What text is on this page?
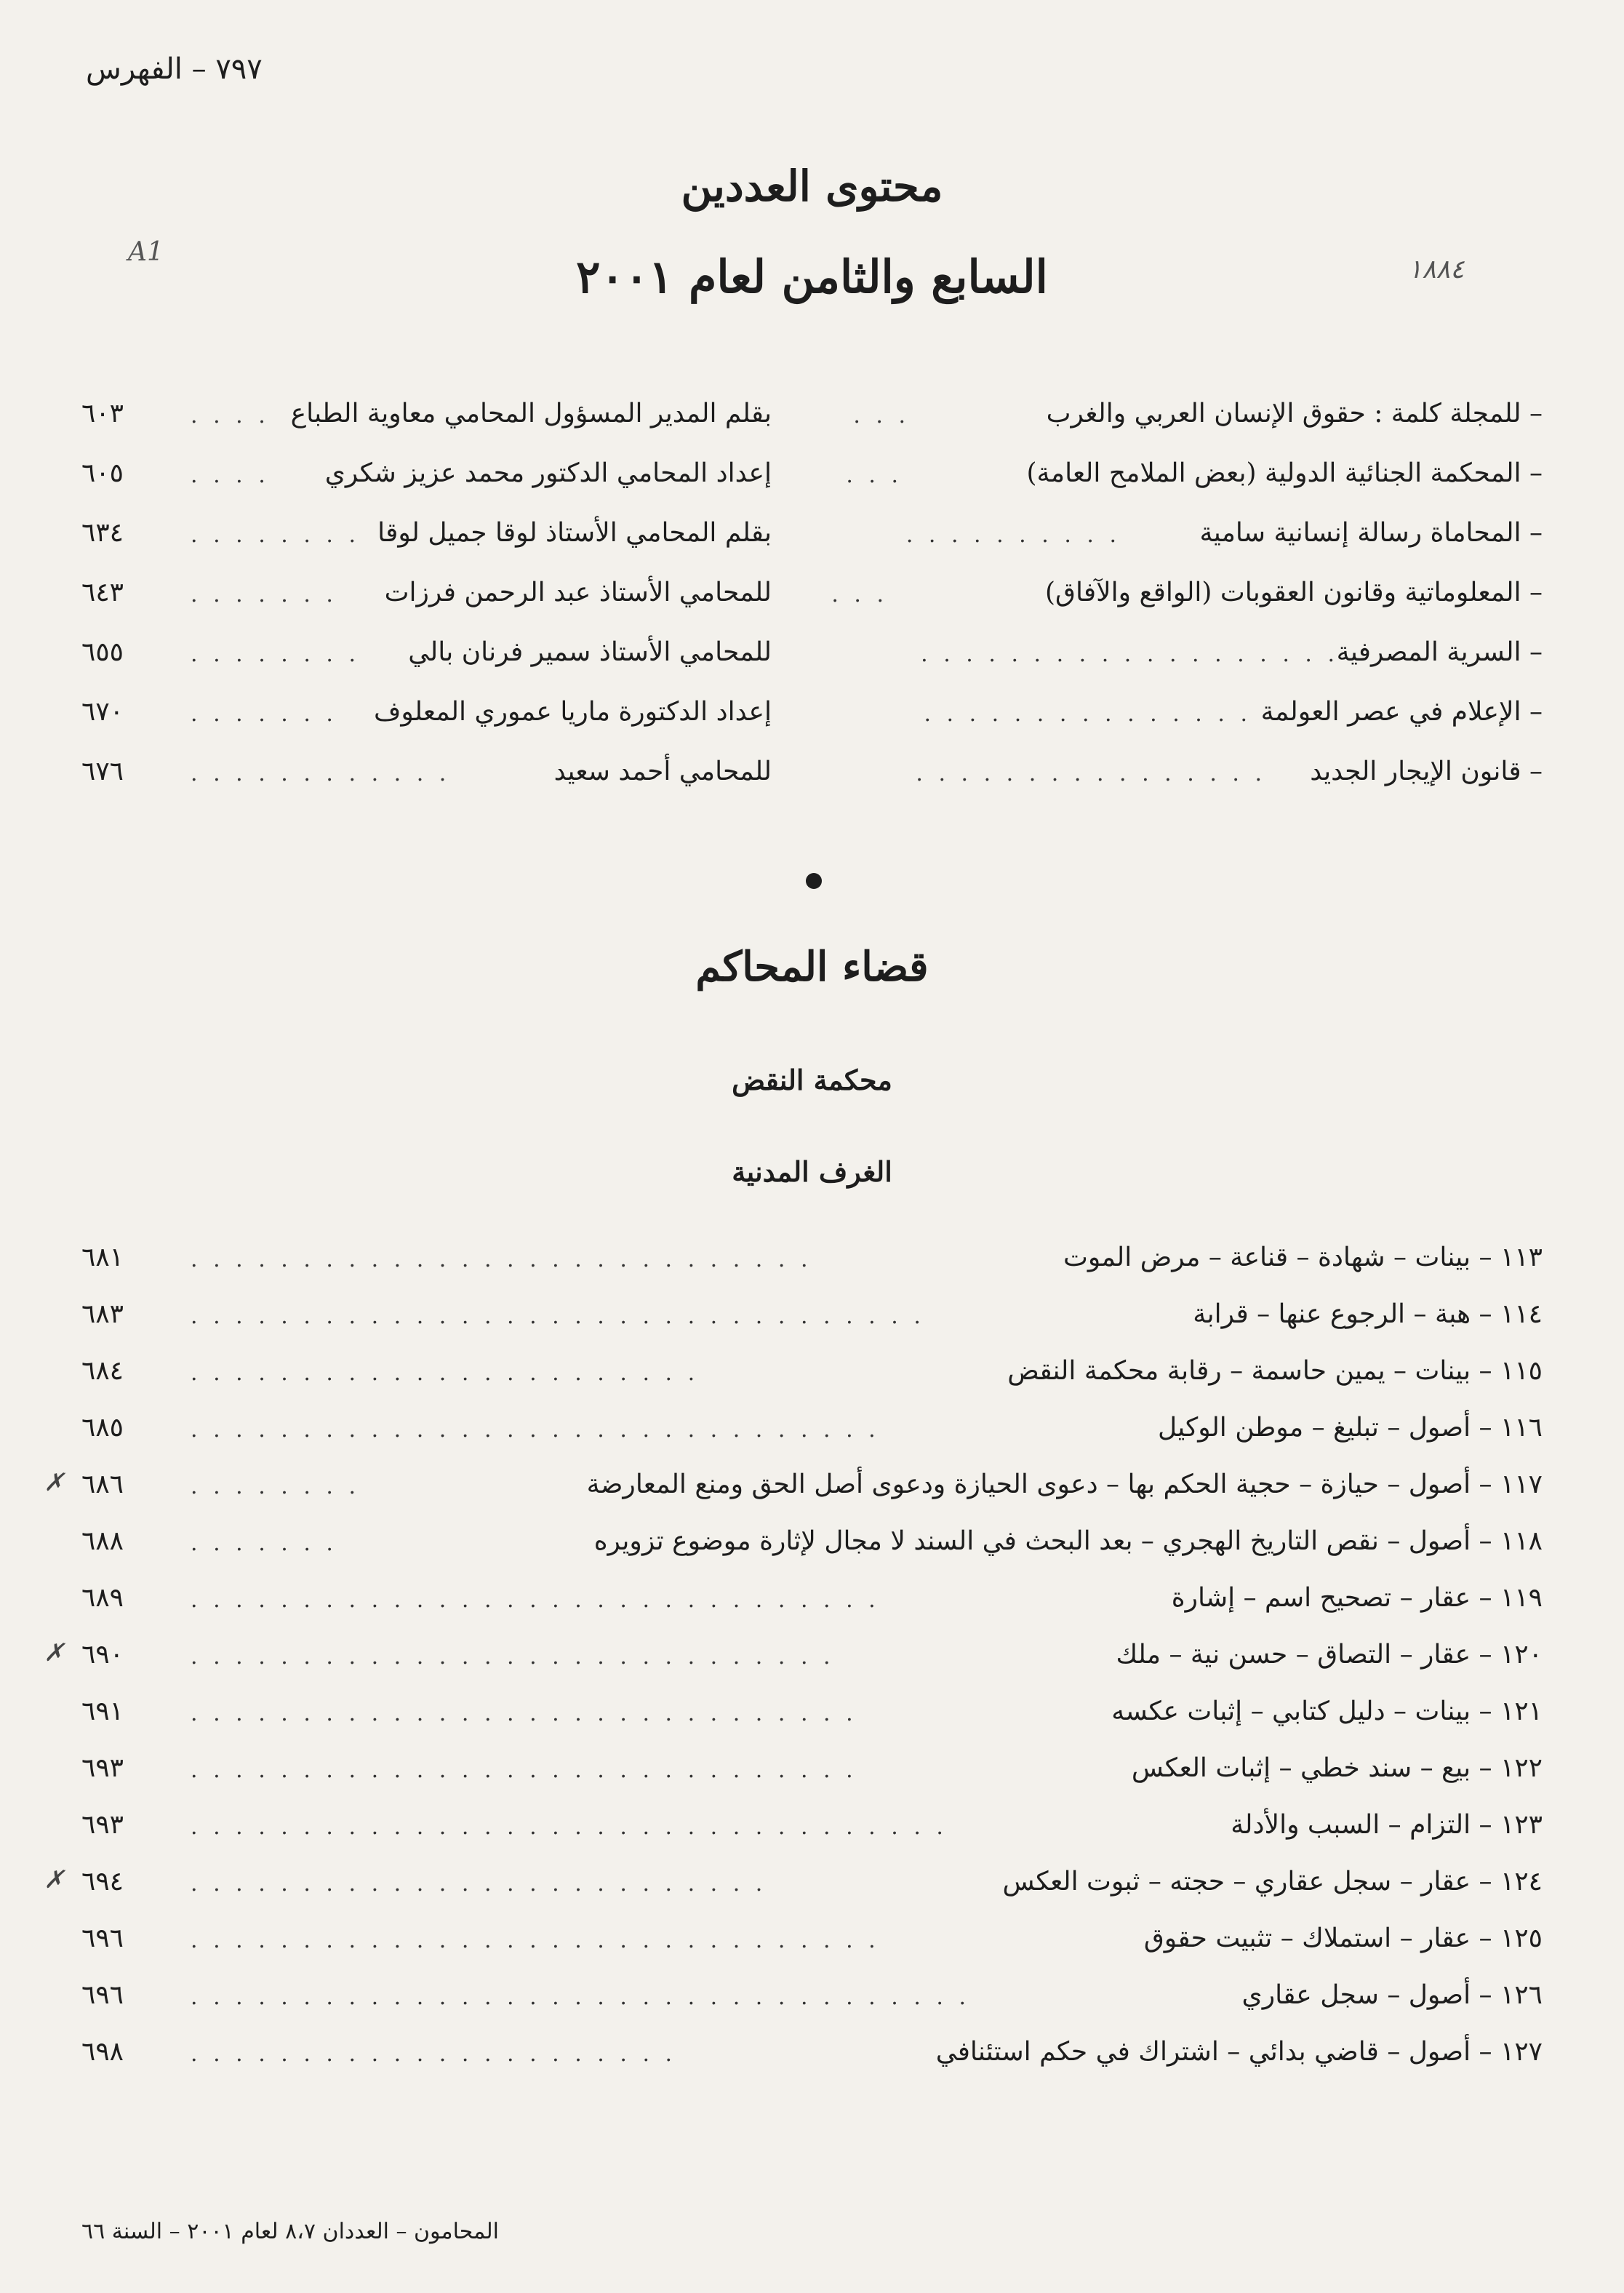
٧٩٧ – الفهرس
محتوى العددين
السابع والثامن لعام ٢٠٠١
A1
١٨٨٤
– للمجلة كلمة : حقوق الإنسان العربي والغرب
. . .
بقلم المدير المسؤول المحامي معاوية الطباع
. . . .
٦٠٣
– المحكمة الجنائية الدولية (بعض الملامح العامة)
. . .
إعداد المحامي الدكتور محمد عزيز شكري
. . . .
٦٠٥
– المحاماة رسالة إنسانية سامية
. . . . . . . . . .
بقلم المحامي الأستاذ لوقا جميل لوقا
. . . . . . . .
٦٣٤
– المعلوماتية وقانون العقوبات (الواقع والآفاق)
. . .
للمحامي الأستاذ عبد الرحمن فرزات
. . . . . . .
٦٤٣
– السرية المصرفية
. . . . . . . . . . . . . . . . . . .
للمحامي الأستاذ سمير فرنان بالي
. . . . . . . .
٦٥٥
– الإعلام في عصر العولمة
. . . . . . . . . . . . . . .
إعداد الدكتورة ماريا عموري المعلوف
. . . . . . .
٦٧٠
– قانون الإيجار الجديد
. . . . . . . . . . . . . . . .
للمحامي أحمد سعيد
. . . . . . . . . . . .
٦٧٦
قضاء المحاكم
محكمة النقض
الغرف المدنية
١١٣ – بينات – شهادة – قناعة – مرض الموت
. . . . . . . . . . . . . . . . . . . . . . . . . . . .
٦٨١
١١٤ – هبة – الرجوع عنها – قرابة
. . . . . . . . . . . . . . . . . . . . . . . . . . . . . . . . .
٦٨٣
١١٥ – بينات – يمين حاسمة – رقابة محكمة النقض
. . . . . . . . . . . . . . . . . . . . . . .
٦٨٤
١١٦ – أصول – تبليغ – موطن الوكيل
. . . . . . . . . . . . . . . . . . . . . . . . . . . . . . .
٦٨٥
١١٧ – أصول – حيازة – حجية الحكم بها – دعوى الحيازة ودعوى أصل الحق ومنع المعارضة
. . . . . . . .
٦٨٦
١١٨ – أصول – نقص التاريخ الهجري – بعد البحث في السند لا مجال لإثارة موضوع تزويره
. . . . . . .
٦٨٨
١١٩ – عقار – تصحيح اسم – إشارة
. . . . . . . . . . . . . . . . . . . . . . . . . . . . . . .
٦٨٩
١٢٠ – عقار – التصاق – حسن نية – ملك
. . . . . . . . . . . . . . . . . . . . . . . . . . . . .
٦٩٠
١٢١ – بينات – دليل كتابي – إثبات عكسه
. . . . . . . . . . . . . . . . . . . . . . . . . . . . . .
٦٩١
١٢٢ – بيع – سند خطي – إثبات العكس
. . . . . . . . . . . . . . . . . . . . . . . . . . . . . .
٦٩٣
١٢٣ – التزام – السبب والأدلة
. . . . . . . . . . . . . . . . . . . . . . . . . . . . . . . . . .
٦٩٣
١٢٤ – عقار – سجل عقاري – حجته – ثبوت العكس
. . . . . . . . . . . . . . . . . . . . . . . . . .
٦٩٤
١٢٥ – عقار – استملاك – تثبيت حقوق
. . . . . . . . . . . . . . . . . . . . . . . . . . . . . . .
٦٩٦
١٢٦ – أصول – سجل عقاري
. . . . . . . . . . . . . . . . . . . . . . . . . . . . . . . . . . .
٦٩٦
١٢٧ – أصول – قاضي بدائي – اشتراك في حكم استئنافي
. . . . . . . . . . . . . . . . . . . . . .
٦٩٨
✗
✗
✗
المحامون – العددان ٨،٧ لعام ٢٠٠١ – السنة ٦٦
